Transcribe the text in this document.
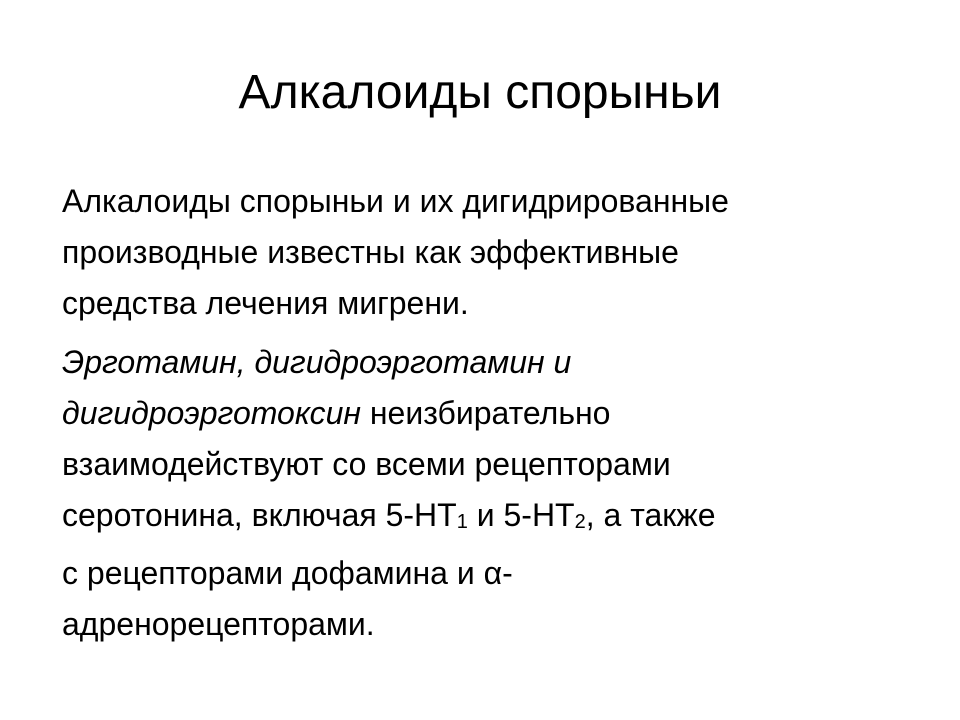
Алкалоиды спорыньи

Алкалоиды спорыньи и их дигидрированные
производные известны как эффективные
средства лечения мигрени.

Эрготамин, дигидроэрготамин и
дигидроэрготоксин неизбирательно
взаимодействуют со всеми рецепторами
серотонина, включая 5-HT1 и 5-HT2, а также
с рецепторами дофамина и α-
адренорецепторами.
